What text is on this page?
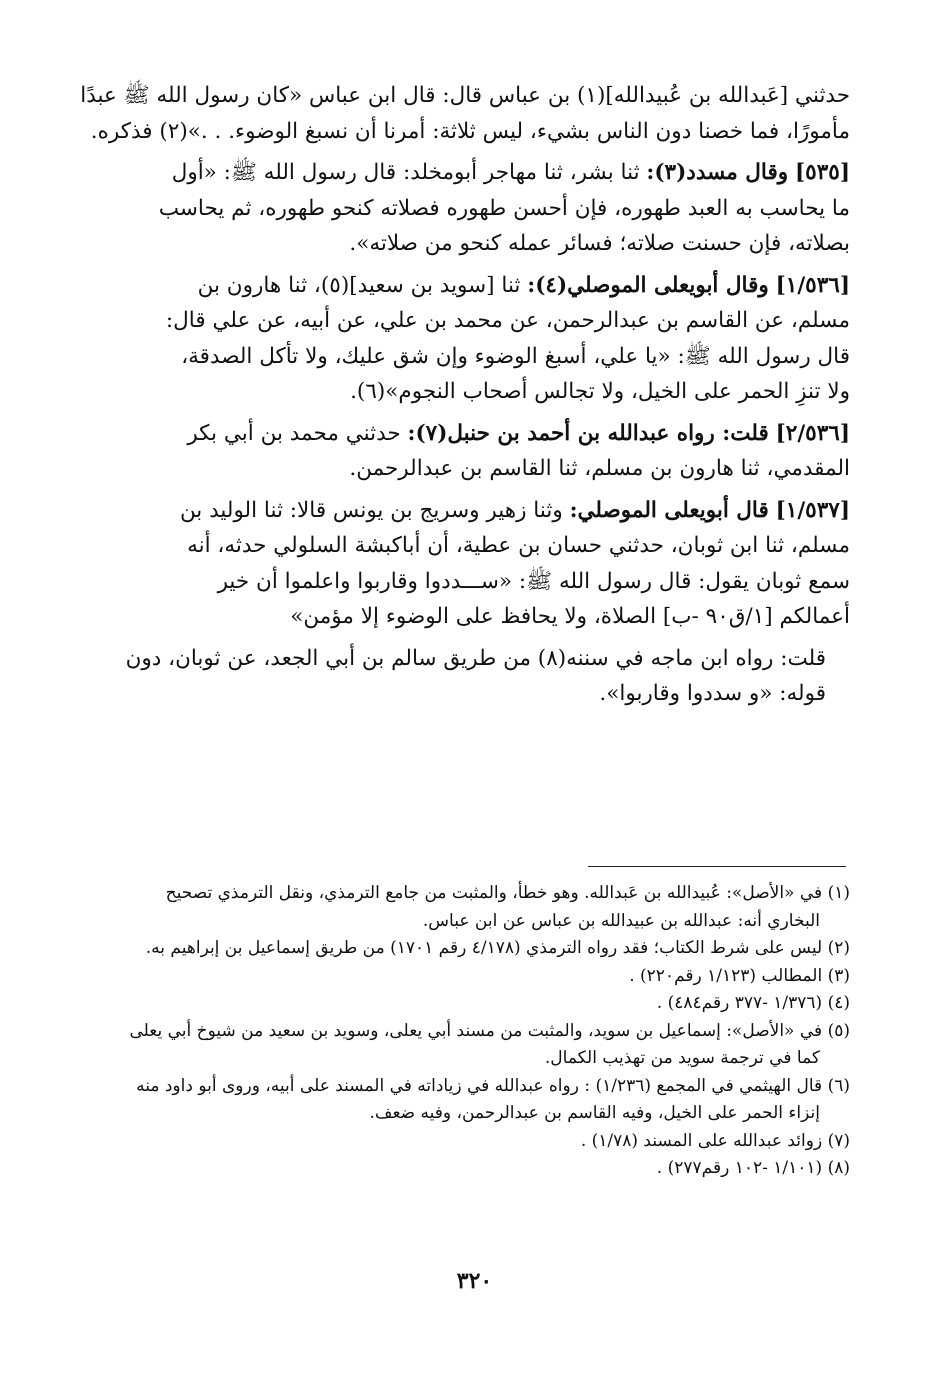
حدثني [عَبدالله بن عُبيدالله](١) بن عباس قال: قال ابن عباس «كان رسول الله ﷺ عبدًا

مأمورًا، فما خصنا دون الناس بشيء، ليس ثلاثة: أمرنا أن نسبغ الوضوء. . .»(٢) فذكره.

[٥٣٥] وقال مسدد(٣): ثنا بشر، ثنا مهاجر أبومخلد: قال رسول الله ﷺ: «أول

ما يحاسب به العبد طهوره، فإن أحسن طهوره فصلاته كنحو طهوره، ثم يحاسب

بصلاته، فإن حسنت صلاته؛ فسائر عمله كنحو من صلاته».

[١/٥٣٦] وقال أبويعلى الموصلي(٤): ثنا [سويد بن سعيد](٥)، ثنا هارون بن

مسلم، عن القاسم بن عبدالرحمن، عن محمد بن علي، عن أبيه، عن علي قال:

قال رسول الله ﷺ: «يا علي، أسبغ الوضوء وإن شق عليك، ولا تأكل الصدقة،

ولا تنزِ الحمر على الخيل، ولا تجالس أصحاب النجوم»(٦).

[٢/٥٣٦] قلت: رواه عبدالله بن أحمد بن حنبل(٧): حدثني محمد بن أبي بكر

المقدمي، ثنا هارون بن مسلم، ثنا القاسم بن عبدالرحمن.

[١/٥٣٧] قال أبويعلى الموصلي: وثنا زهير وسريج بن يونس قالا: ثنا الوليد بن

مسلم، ثنا ابن ثوبان، حدثني حسان بن عطية، أن أباكبشة السلولي حدثه، أنه

سمع ثوبان يقول: قال رسول الله ﷺ: «ســـددوا وقاربوا واعلموا أن خير

أعمالكم [١/ق٩٠ -ب] الصلاة، ولا يحافظ على الوضوء إلا مؤمن»

قلت: رواه ابن ماجه في سننه(٨) من طريق سالم بن أبي الجعد، عن ثوبان، دون

قوله: «و سددوا وقاربوا».

(١) في «الأصل»: عُبيدالله بن عَبدالله. وهو خطأ، والمثبت من جامع الترمذي، ونقل الترمذي تصحيح
البخاري أنه: عبدالله بن عبيدالله بن عباس عن ابن عباس.

(٢) ليس على شرط الكتاب؛ فقد رواه الترمذي (٤/١٧٨ رقم ١٧٠١) من طريق إسماعيل بن إبراهيم به.

(٣) المطالب (١/١٢٣ رقم٢٢٠) .

(٤) (١/٣٧٦ -٣٧٧ رقم٤٨٤) .

(٥) في «الأصل»: إسماعيل بن سويد، والمثبت من مسند أبي يعلى، وسويد بن سعيد من شيوخ أبي يعلى
كما في ترجمة سويد من تهذيب الكمال.

(٦) قال الهيثمي في المجمع (١/٢٣٦) : رواه عبدالله في زياداته في المسند على أبيه، وروى أبو داود منه
إنزاء الحمر على الخيل، وفيه القاسم بن عبدالرحمن، وفيه ضعف.

(٧) زوائد عبدالله على المسند (١/٧٨) .

(٨) (١/١٠١ -١٠٢ رقم٢٧٧) .

٣٢٠
